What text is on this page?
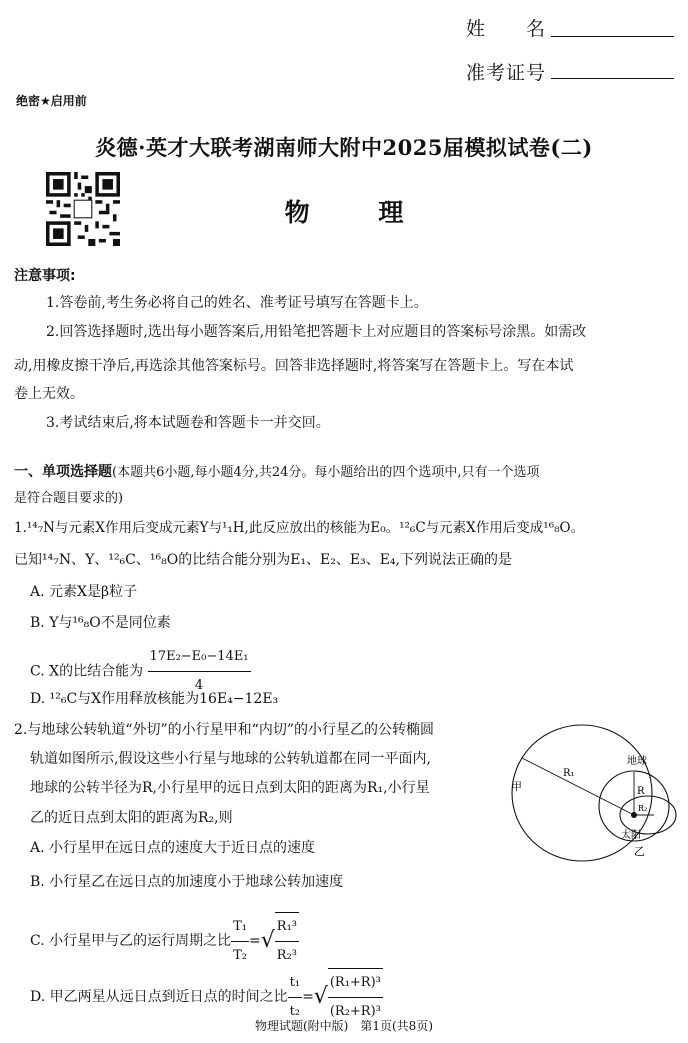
姓　　名
准考证号
绝密★启用前
炎德·英才大联考湖南师大附中2025届模拟试卷(二)
物 理
注意事项:
1.答卷前,考生务必将自己的姓名、准考证号填写在答题卡上。
2.回答选择题时,选出每小题答案后,用铅笔把答题卡上对应题目的答案标号涂黑。如需改
动,用橡皮擦干净后,再选涂其他答案标号。回答非选择题时,将答案写在答题卡上。写在本试
卷上无效。
3.考试结束后,将本试题卷和答题卡一并交回。
一、单项选择题(本题共6小题,每小题4分,共24分。每小题给出的四个选项中,只有一个选项
是符合题目要求的)
1.¹⁴₇N与元素X作用后变成元素Y与¹₁H,此反应放出的核能为E₀。¹²₆C与元素X作用后变成¹⁶₈O。
已知¹⁴₇N、Y、¹²₆C、¹⁶₈O的比结合能分别为E₁、E₂、E₃、E₄,下列说法正确的是
A. 元素X是β粒子
B. Y与¹⁶₈O不是同位素
C. X的比结合能为 $\frac{\text{17E₂−E₀−14E₁}}{4}$
D. ¹²₆C与X作用释放核能为16E₄−12E₃
2.与地球公转轨道“外切”的小行星甲和“内切”的小行星乙的公转椭圆
轨道如图所示,假设这些小行星与地球的公转轨道都在同一平面内,
地球的公转半径为R,小行星甲的远日点到太阳的距离为R₁,小行星
乙的近日点到太阳的距离为R₂,则
A. 小行星甲在远日点的速度大于近日点的速度
B. 小行星乙在远日点的加速度小于地球公转加速度
C. 小行星甲与乙的运行周期之比 $\frac{\text{T₁}}{\text{T₂}}$ =√ $\frac{\text{R₁³}}{\text{R₂³}}$
D. 甲乙两星从远日点到近日点的时间之比 $\frac{\text{t₁}}{\text{t₂}}$ =√ $\frac{\text{(R₁+R)³}}{\text{(R₂+R)³}}$
R₁
R
R₂
地球
太阳
乙
甲
物理试题(附中版)　第1页(共8页)
